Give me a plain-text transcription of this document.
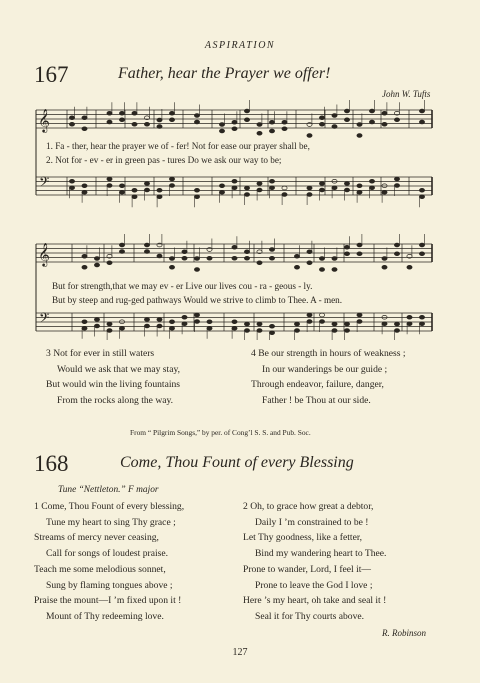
ASPIRATION
167	Father, hear the Prayer we offer!
John W. Tufts
𝄞
𝄢
𝄞
𝄢
1. Fa - ther, hear the prayer we of - fer! Not for ease our prayer shall be,
2. Not for - ev - er in green pas - tures Do we ask our way to be;
But for strength,that we may ev - er Live our lives cou - ra - geous - ly.
But by steep and rug-ged pathways Would we strive to climb to Thee. A - men.
3 Not for ever in still waters
Would we ask that we may stay,
But would win the living fountains
From the rocks along the way.
4 Be our strength in hours of weakness ;
In our wanderings be our guide ;
Through endeavor, failure, danger,
Father ! be Thou at our side.
From “ Pilgrim Songs,” by per. of Cong’l S. S. and Pub. Soc.
168	Come, Thou Fount of every Blessing
Tune “Nettleton.” F major
1 Come, Thou Fount of every blessing,
Tune my heart to sing Thy grace ;
Streams of mercy never ceasing,
Call for songs of loudest praise.
Teach me some melodious sonnet,
Sung by flaming tongues above ;
Praise the mount—I ’m fixed upon it !
Mount of Thy redeeming love.
2 Oh, to grace how great a debtor,
Daily I ’m constrained to be !
Let Thy goodness, like a fetter,
Bind my wandering heart to Thee.
Prone to wander, Lord, I feel it—
Prone to leave the God I love ;
Here ’s my heart, oh take and seal it !
Seal it for Thy courts above.
R. Robinson
127
